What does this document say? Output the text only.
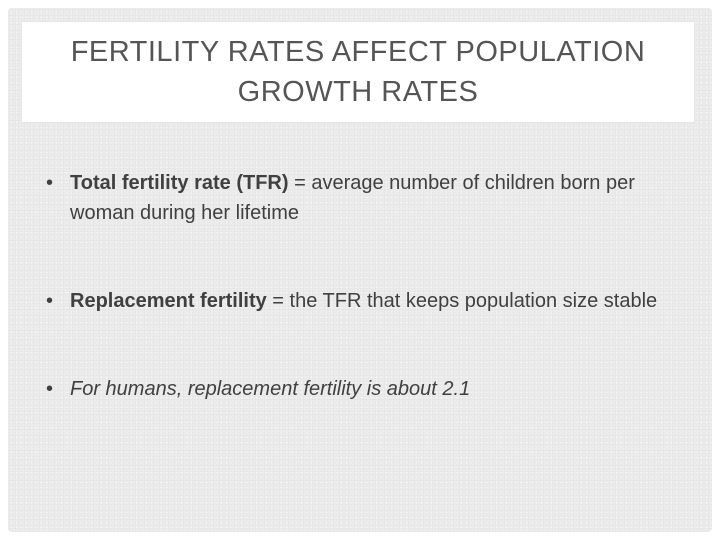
FERTILITY RATES AFFECT POPULATION GROWTH RATES
• Total fertility rate (TFR) = average number of children born per woman during her lifetime
• Replacement fertility = the TFR that keeps population size stable
• For humans, replacement fertility is about 2.1
